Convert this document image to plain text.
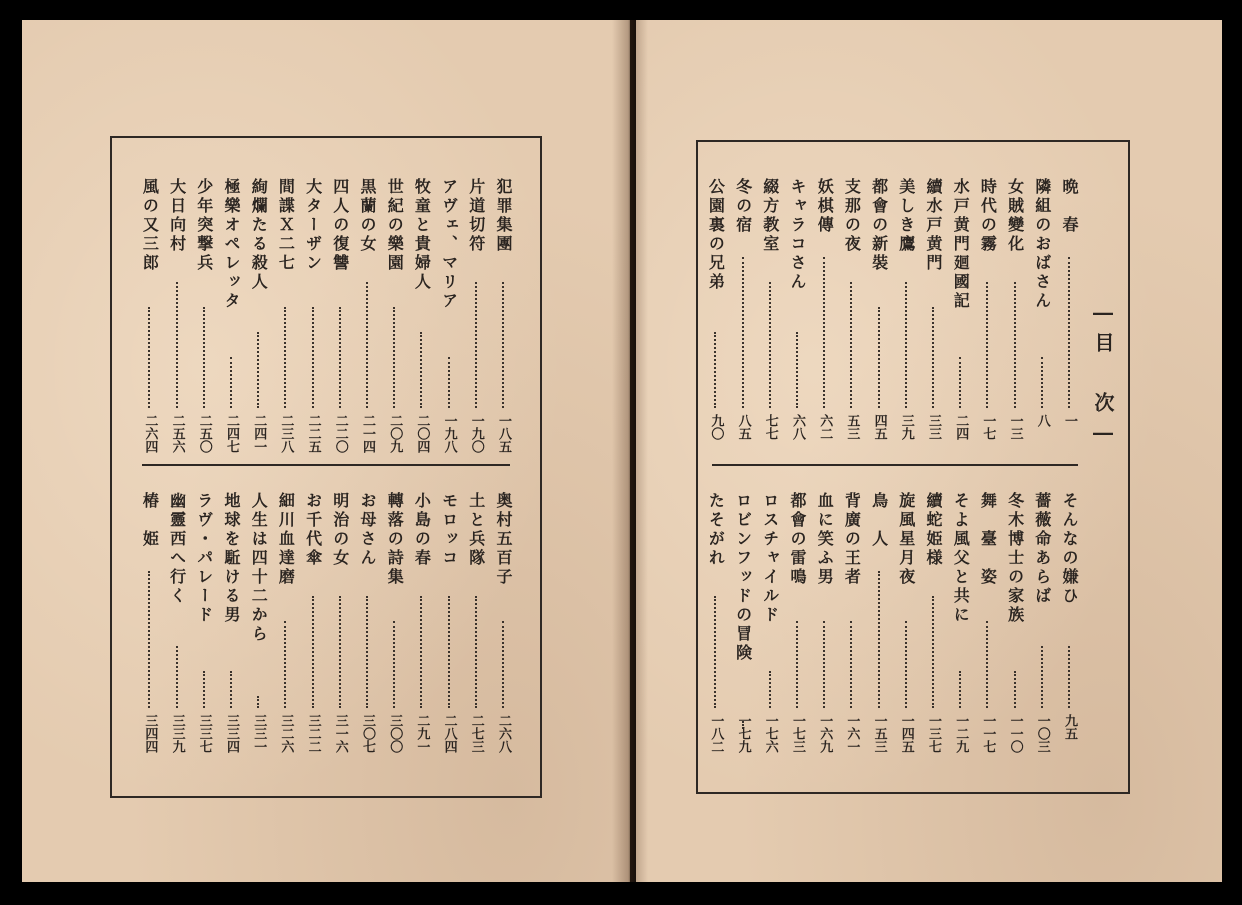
―目 次―
晩　春
一
隣組のおばさん
八
女賊變化
一三
時代の霧
一七
水戸黄門廻國記
二四
續水戸黄門
三三
美しき鷹
三九
都會の新裝
四五
支那の夜
五三
妖棋傳
六二
キャラコさん
六八
綴方教室
七七
冬の宿
八五
公園裏の兄弟
九〇
そんなの嫌ひ
九五
薔薇命あらば
一〇三
冬木博士の家族
一一〇
舞　臺　姿
一一七
そよ風父と共に
一二九
續蛇姫様
一三七
旋風星月夜
一四五
鳥　人
一五三
背廣の王者
一六一
血に笑ふ男
一六九
都會の雷鳴
一七三
ロスチャイルド
一七六
ロビンフッドの冒険
一七九
たそがれ
一八二
犯罪集團
一八五
片道切符
一九〇
アヴェ、マリア
一九八
牧童と貴婦人
二〇四
世紀の樂園
二〇九
黒蘭の女
二一四
四人の復讐
二二〇
大ターザン
二二五
間諜Ｘ二七
二三八
絢爛たる殺人
二四一
極樂オペレッタ
二四七
少年突撃兵
二五〇
大日向村
二五六
風の又三郎
二六四
奥村五百子
二六八
土と兵隊
二七三
モロッコ
二八四
小島の春
二九一
轉落の詩集
三〇〇
お母さん
三〇七
明治の女
三一六
お千代傘
三二二
細川血達磨
三二六
人生は四十二から
三三一
地球を駈ける男
三三四
ラヴ・パレード
三三七
幽靈西へ行く
三三九
椿　姫
三四四
